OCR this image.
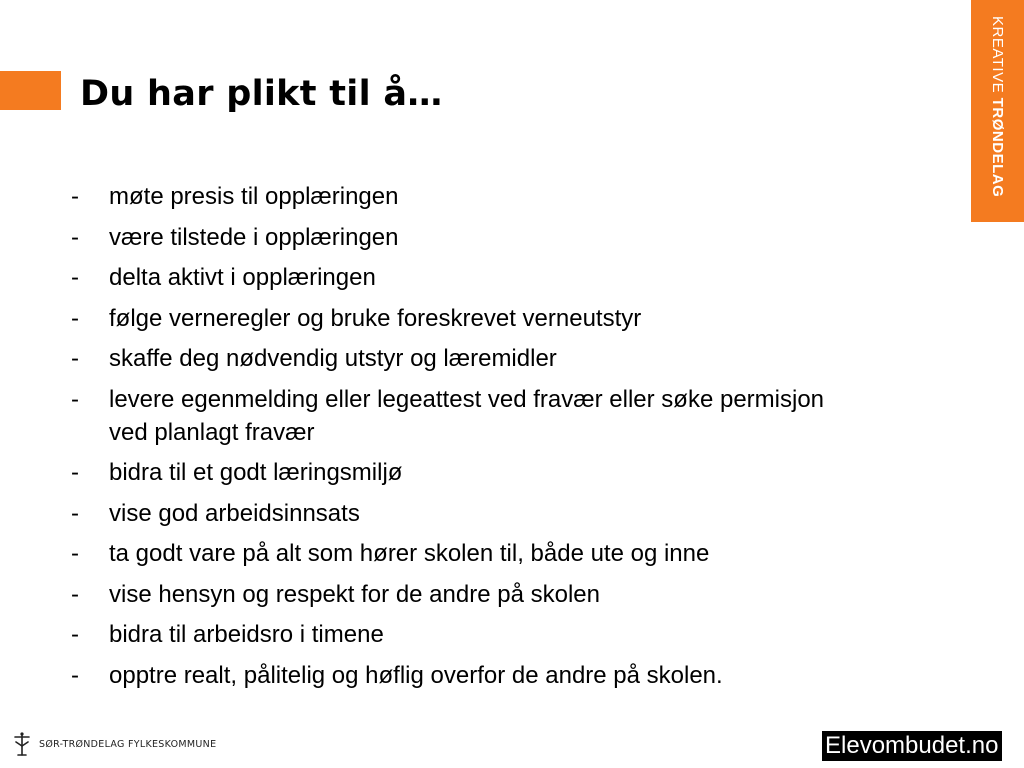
Du har plikt til å…	KREATIVE TRØNDELAG
- møte presis til opplæringen
- være tilstede i opplæringen
- delta aktivt i opplæringen
- følge verneregler og bruke foreskrevet verneutstyr
- skaffe deg nødvendig utstyr og læremidler
- levere egenmelding eller legeattest ved fravær eller søke permisjon ved planlagt fravær
- bidra til et godt læringsmiljø
- vise god arbeidsinnsats
- ta godt vare på alt som hører skolen til, både ute og inne
- vise hensyn og respekt for de andre på skolen
- bidra til arbeidsro i timene
- opptre realt, pålitelig og høflig overfor de andre på skolen.
SØR-TRØNDELAG FYLKESKOMMUNE	Elevombudet.no
